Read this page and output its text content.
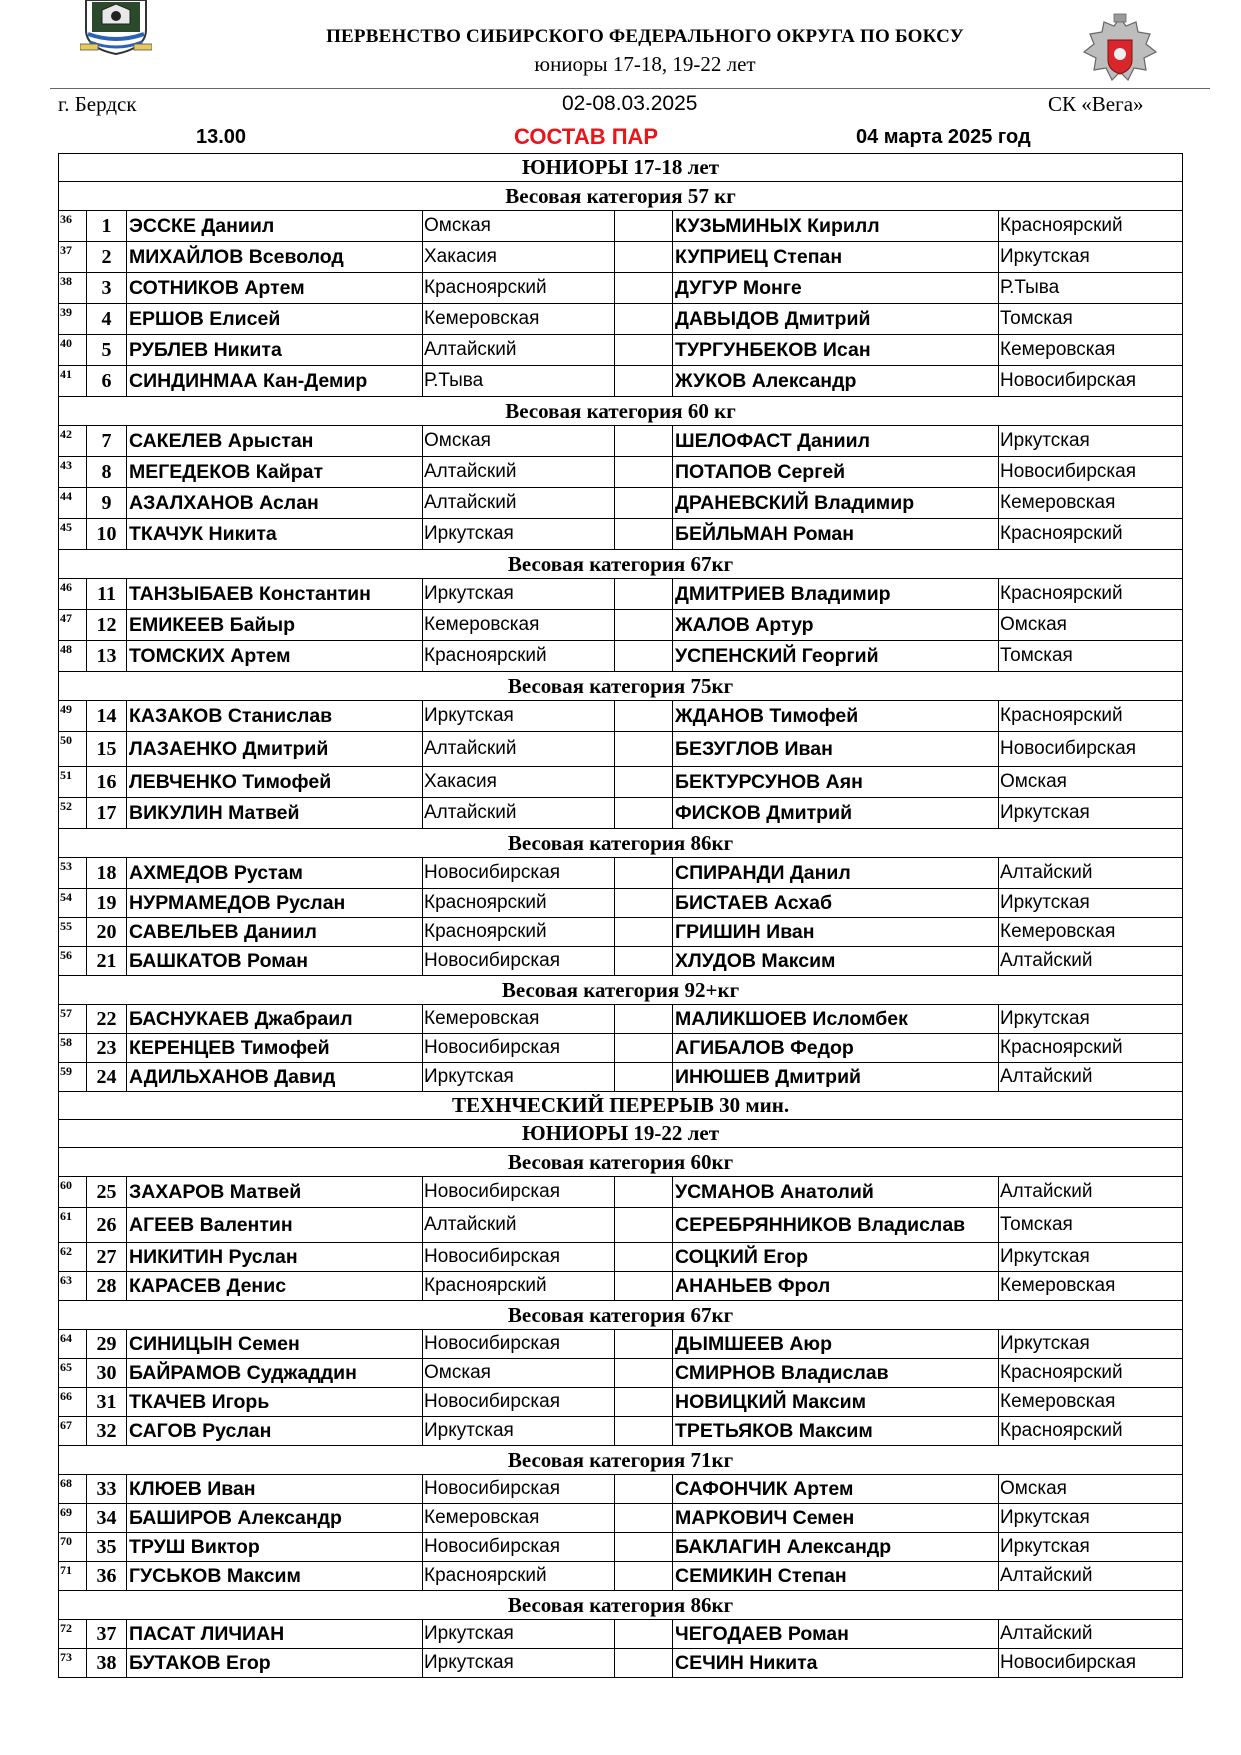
ПЕРВЕНСТВО СИБИРСКОГО ФЕДЕРАЛЬНОГО ОКРУГА ПО БОКСУ
юниоры 17-18, 19-22 лет
г. Бердск	02-08.03.2025	СК «Вега»
13.00	СОСТАВ ПАР	04 марта 2025 год
ЮНИОРЫ 17-18 лет						
Весовая категория 57 кг						
36	1	ЭССКЕ Даниил	Омская		КУЗЬМИНЫХ Кирилл	Красноярский
37	2	МИХАЙЛОВ Всеволод	Хакасия		КУПРИЕЦ Степан	Иркутская
38	3	СОТНИКОВ Артем	Красноярский		ДУГУР Монге	Р.Тыва
39	4	ЕРШОВ Елисей	Кемеровская		ДАВЫДОВ Дмитрий	Томская
40	5	РУБЛЕВ Никита	Алтайский		ТУРГУНБЕКОВ Исан	Кемеровская
41	6	СИНДИНМАА Кан-Демир	Р.Тыва		ЖУКОВ Александр	Новосибирская
Весовая категория 60 кг						
42	7	САКЕЛЕВ Арыстан	Омская		ШЕЛОФАСТ Даниил	Иркутская
43	8	МЕГЕДЕКОВ Кайрат	Алтайский		ПОТАПОВ Сергей	Новосибирская
44	9	АЗАЛХАНОВ Аслан	Алтайский		ДРАНЕВСКИЙ Владимир	Кемеровская
45	10	ТКАЧУК Никита	Иркутская		БЕЙЛЬМАН Роман	Красноярский
Весовая категория 67кг						
46	11	ТАНЗЫБАЕВ Константин	Иркутская		ДМИТРИЕВ Владимир	Красноярский
47	12	ЕМИКЕЕВ Байыр	Кемеровская		ЖАЛОВ Артур	Омская
48	13	ТОМСКИХ Артем	Красноярский		УСПЕНСКИЙ Георгий	Томская
Весовая категория 75кг						
49	14	КАЗАКОВ Станислав	Иркутская		ЖДАНОВ Тимофей	Красноярский
50	15	ЛАЗАЕНКО Дмитрий	Алтайский		БЕЗУГЛОВ Иван	Новосибирская
51	16	ЛЕВЧЕНКО Тимофей	Хакасия		БЕКТУРСУНОВ Аян	Омская
52	17	ВИКУЛИН Матвей	Алтайский		ФИСКОВ Дмитрий	Иркутская
Весовая категория 86кг						
53	18	АХМЕДОВ Рустам	Новосибирская		СПИРАНДИ Данил	Алтайский
54	19	НУРМАМЕДОВ Руслан	Красноярский		БИСТАЕВ Асхаб	Иркутская
55	20	САВЕЛЬЕВ Даниил	Красноярский		ГРИШИН Иван	Кемеровская
56	21	БАШКАТОВ Роман	Новосибирская		ХЛУДОВ Максим	Алтайский
Весовая категория 92+кг						
57	22	БАСНУКАЕВ Джабраил	Кемеровская		МАЛИКШОЕВ Исломбек	Иркутская
58	23	КЕРЕНЦЕВ Тимофей	Новосибирская		АГИБАЛОВ Федор	Красноярский
59	24	АДИЛЬХАНОВ Давид	Иркутская		ИНЮШЕВ Дмитрий	Алтайский
ТЕХНЧЕСКИЙ ПЕРЕРЫВ 30 мин.						
ЮНИОРЫ 19-22 лет						
Весовая категория 60кг						
60	25	ЗАХАРОВ Матвей	Новосибирская		УСМАНОВ Анатолий	Алтайский
61	26	АГЕЕВ Валентин	Алтайский		СЕРЕБРЯННИКОВ Владислав	Томская
62	27	НИКИТИН Руслан	Новосибирская		СОЦКИЙ Егор	Иркутская
63	28	КАРАСЕВ Денис	Красноярский		АНАНЬЕВ Фрол	Кемеровская
Весовая категория 67кг						
64	29	СИНИЦЫН Семен	Новосибирская		ДЫМШЕЕВ Аюр	Иркутская
65	30	БАЙРАМОВ Суджаддин	Омская		СМИРНОВ Владислав	Красноярский
66	31	ТКАЧЕВ Игорь	Новосибирская		НОВИЦКИЙ Максим	Кемеровская
67	32	САГОВ Руслан	Иркутская		ТРЕТЬЯКОВ Максим	Красноярский
Весовая категория 71кг						
68	33	КЛЮЕВ Иван	Новосибирская		САФОНЧИК Артем	Омская
69	34	БАШИРОВ Александр	Кемеровская		МАРКОВИЧ Семен	Иркутская
70	35	ТРУШ Виктор	Новосибирская		БАКЛАГИН Александр	Иркутская
71	36	ГУСЬКОВ Максим	Красноярский		СЕМИКИН Степан	Алтайский
Весовая категория 86кг						
72	37	ПАСАТ ЛИЧИАН	Иркутская		ЧЕГОДАЕВ Роман	Алтайский
73	38	БУТАКОВ Егор	Иркутская		СЕЧИН Никита	Новосибирская
